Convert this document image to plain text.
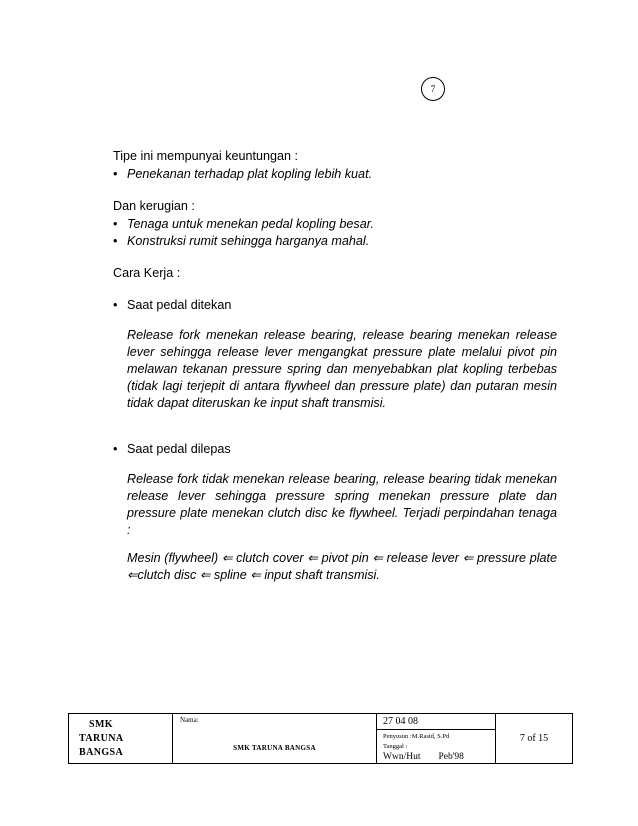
7

Tipe ini mempunyai keuntungan :

• Penekanan terhadap plat kopling lebih kuat.

Dan kerugian :

• Tenaga untuk menekan pedal kopling besar.
• Konstruksi rumit sehingga harganya mahal.

Cara Kerja :

• Saat pedal ditekan

Release fork menekan release bearing, release bearing menekan release lever sehingga release lever mengangkat pressure plate melalui pivot pin melawan tekanan pressure spring dan menyebabkan plat kopling terbebas (tidak lagi terjepit di antara flywheel dan pressure plate) dan putaran mesin tidak dapat diteruskan ke input shaft transmisi.

• Saat pedal dilepas

Release fork tidak menekan release bearing, release bearing tidak menekan release lever sehingga pressure spring menekan pressure plate dan pressure plate menekan clutch disc ke flywheel. Terjadi perpindahan tenaga :

Mesin (flywheel) ⇐ clutch cover ⇐ pivot pin ⇐ release lever ⇐ pressure plate ⇐clutch disc ⇐ spline ⇐ input shaft transmisi.

SMK
TARUNA
BANGSA
Nama:
SMK TARUNA BANGSA
27 04 08
Penyusun :M.Rasid, S.Pd
Tanggal :
Wwn/Hut Peb'98
7 of 15
